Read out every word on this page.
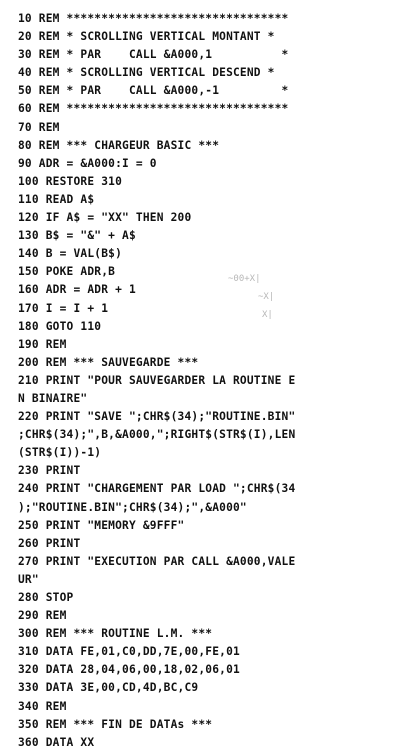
10 REM ********************************
20 REM * SCROLLING VERTICAL MONTANT *
30 REM * PAR    CALL &A000,1          *
40 REM * SCROLLING VERTICAL DESCEND *
50 REM * PAR    CALL &A000,-1         *
60 REM ********************************
70 REM
80 REM *** CHARGEUR BASIC ***
90 ADR = &A000:I = 0
100 RESTORE 310
110 READ A$
120 IF A$ = "XX" THEN 200
130 B$ = "&" + A$
140 B = VAL(B$)
150 POKE ADR,B
160 ADR = ADR + 1
170 I = I + 1
180 GOTO 110
190 REM
200 REM *** SAUVEGARDE ***
210 PRINT "POUR SAUVEGARDER LA ROUTINE E
N BINAIRE"
220 PRINT "SAVE ";CHR$(34);"ROUTINE.BIN"
;CHR$(34);",B,&A000,";RIGHT$(STR$(I),LEN
(STR$(I))-1)
230 PRINT
240 PRINT "CHARGEMENT PAR LOAD ";CHR$(34
);"ROUTINE.BIN";CHR$(34);",&A000"
250 PRINT "MEMORY &9FFF"
260 PRINT
270 PRINT "EXECUTION PAR CALL &A000,VALE
UR"
280 STOP
290 REM
300 REM *** ROUTINE L.M. ***
310 DATA FE,01,C0,DD,7E,00,FE,01
320 DATA 28,04,06,00,18,02,06,01
330 DATA 3E,00,CD,4D,BC,C9
340 REM
350 REM *** FIN DE DATAs ***
360 DATA XX
~00+X|
~X|
X|
